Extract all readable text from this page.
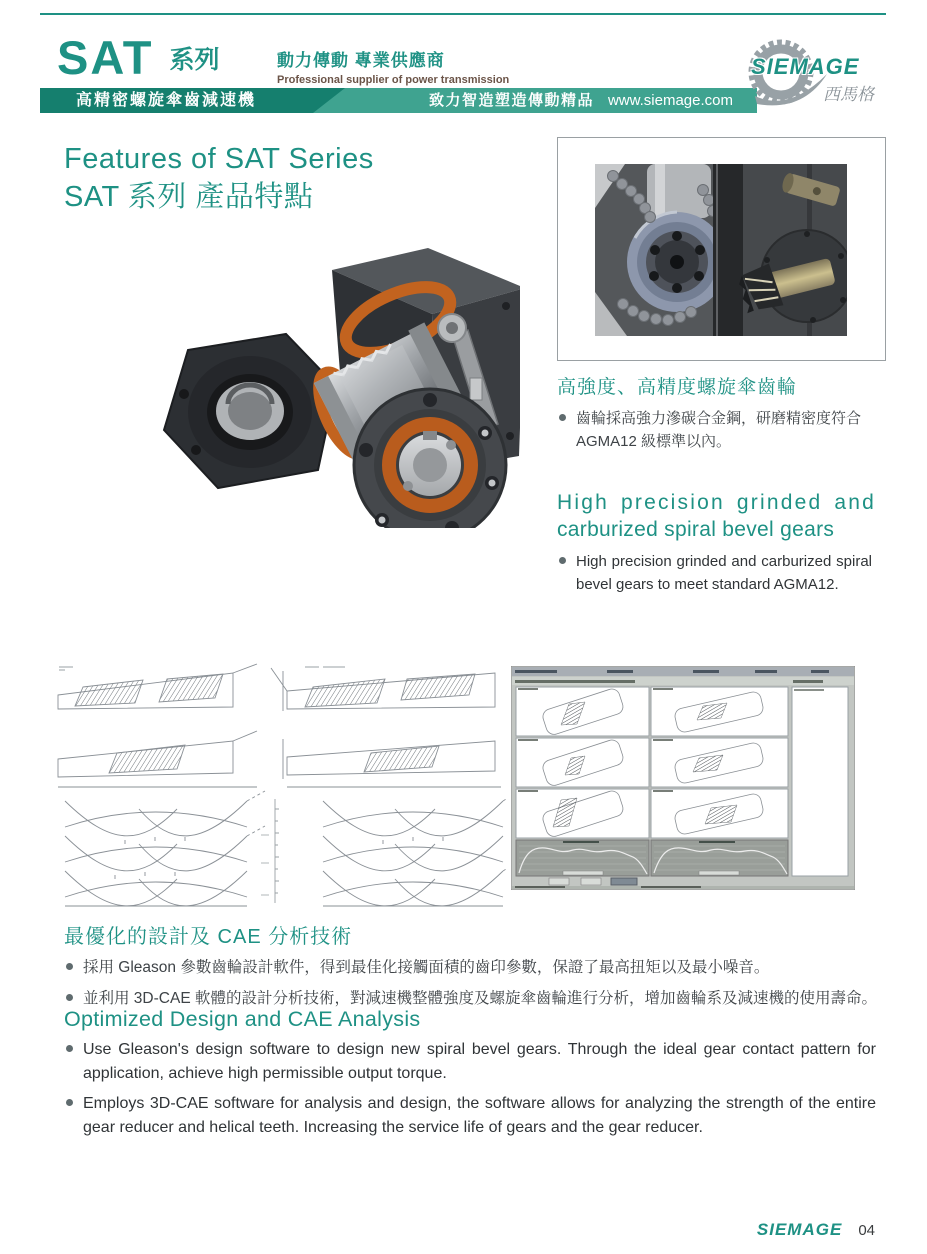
SAT 系列	動力傳動 專業供應商
Professional supplier of power transmission
高精密螺旋傘齒減速機	致力智造塑造傳動精品 www.siemage.com
SIEMAGE
西馬格
Features of SAT Series
SAT 系列 產品特點
高強度、高精度螺旋傘齒輪
齒輪採高強力滲碳合金鋼，研磨精密度符合 AGMA12 級標準以內。
High precision grinded and
carburized spiral bevel gears
High precision grinded and carburized spiral bevel gears to meet standard AGMA12.
最優化的設計及 CAE 分析技術
採用 Gleason 參數齒輪設計軟件，得到最佳化接觸面積的齒印參數，保證了最高扭矩以及最小噪音。
並利用 3D-CAE 軟體的設計分析技術，對減速機整體強度及螺旋傘齒輪進行分析，增加齒輪系及減速機的使用壽命。
Optimized Design and CAE Analysis
Use Gleason's design software to design new spiral bevel gears. Through the ideal gear contact pattern for application, achieve high permissible output torque.
Employs 3D-CAE software for analysis and design, the software allows for analyzing the strength of the entire gear reducer and helical teeth. Increasing the service life of gears and the gear reducer.
SIEMAGE 04
